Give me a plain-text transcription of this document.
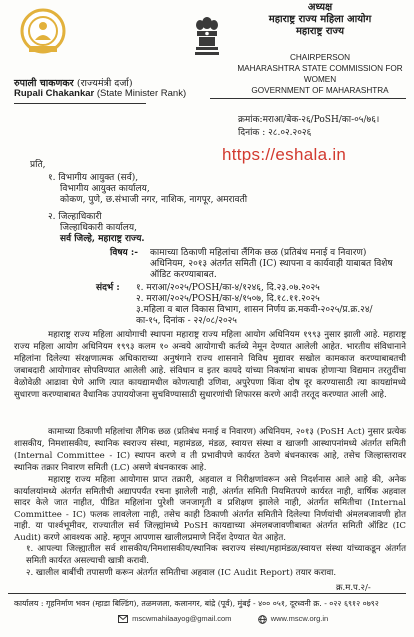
रुपाली चाकणकर (राज्यमंत्री दर्जा)
Rupali Chakankar (State Minister Rank)
अध्यक्ष
महाराष्ट्र राज्य महिला आयोग
महाराष्ट्र राज्य
CHAIRPERSON
MAHARASHTRA STATE COMMISSION FOR WOMEN
GOVERNMENT OF MAHARASHTRA
क्रमांक:मराआ/बेक-२६/PoSH/का-०५/७६।
दिनांक : २८.०२.२०२६
https://eshala.in
प्रति,
१. विभागीय आयुक्त (सर्व),
विभागीय आयुक्त कार्यालय,
कोकण, पुणे, छ.संभाजी नगर, नाशिक, नागपूर, अमरावती
२. जिल्हाधिकारी
जिल्हाधिकारी कार्यालय,
सर्व जिल्हे, महाराष्ट्र राज्य.
विषय :- कामाच्या ठिकाणी महिलांचा लैंगिक छळ (प्रतिबंध मनाई व निवारण)
अधिनियम, २०१३ अंतर्गत समिती (IC) स्थापना व कार्यवाही याबाबत विशेष
ऑडिट करण्याबाबत.
संदर्भ : १. मराआ/२०२५/POSH/का-४/१२४६, दि.२३.०७.२०२५
२. मराआ/२०२५/POSH/का-४/१५०७, दि.१८.११.२०२५
३.महिला व बाल विकास विभाग, शासन निर्णय क्र.मकवी-२०२५/प्र.क्र.२४/
का-१५, दिनांक - २२/०८/२०२५
महाराष्ट्र राज्य महिला आयोगाची स्थापना महाराष्ट्र राज्य महिला आयोग अधिनियम १९९३ नुसार झाली आहे. महाराष्ट्र राज्य महिला आयोग अधिनियम १९९३ कलम १० अन्वये आयोगाची कर्तव्ये नेमून देण्यात आलेली आहेत. भारतीय संविधानाने महिलांना दिलेल्या संरक्षणात्मक अधिकाराच्या अनुषंगाने राज्य शासनाने विविध मुद्यावर सखोल कामकाज करण्याबाबतची जबाबदारी आयोगावर सोपविण्यात आलेली आहे. संविधान व इतर कायदे यांच्या निकषांना बाधक होणाऱ्या विद्यमान तरतुदींचा वेळोवेळी आढावा घेणे आणि त्यात कायद्यामधील कोणत्याही उणिवा, अपुरेपणा किंवा दोष दूर करण्यासाठी त्या कायद्यांमध्ये सुधारणा करण्याबाबत वैधानिक उपाययोजना सुचविण्यासाठी सुधारणांची शिफारस करणे आदी तरतूद करण्यात आली आहे.
कामाच्या ठिकाणी महिलांचा लैंगिक छळ (प्रतिबंध मनाई व निवारण) अधिनियम, २०१३ (PoSH Act) नुसार प्रत्येक शासकीय, निमशासकीय, स्थानिक स्वराज्य संस्था, महामंडळ, मंडळ, स्वायत्त संस्था व खाजगी आस्थापनांमध्ये अंतर्गत समिती (Internal Committee - IC) स्थापन करणे व ती प्रभावीपणे कार्यरत ठेवणे बंधनकारक आहे, तसेच जिल्हास्तरावर स्थानिक तक्रार निवारण समिती (LC) असणे बंधनकारक आहे.
महाराष्ट्र राज्य महिला आयोगास प्राप्त तक्रारी, अहवाल व निरीक्षणांवरून असे निदर्शनास आले आहे की, अनेक कार्यालयांमध्ये अंतर्गत समितीची अद्यापपर्यंत रचना झालेली नाही, अंतर्गत समिती नियमितपणे कार्यरत नाही, वार्षिक अहवाल सादर केले जात नाहीत, पीडित महिलांना पुरेशी जनजागृती व प्रशिक्षण झालेले नाही, अंतर्गत समितीचा (Internal Committee - IC) फलक लावलेला नाही, तसेच काही ठिकाणी अंतर्गत समितीने दिलेल्या निर्णयांची अंमलबजावणी होत नाही. या पार्श्वभूमीवर, राज्यातील सर्व जिल्ह्यांमध्ये PoSH कायद्याच्या अंमलबजावणीबाबत अंतर्गत समिती ऑडिट (IC Audit) करणे आवश्यक आहे. म्हणून आपणास खालीलप्रमाणे निर्देश देण्यात येत आहेत.
१. आपल्या जिल्ह्यातील सर्व शासकीय/निमशासकीय/स्थानिक स्वराज्य संस्था/महामंडळ/स्वायत्त संस्था यांच्याकडून अंतर्गत समिती कार्यरत असल्याची खात्री करावी.
२. खालील बाबींची तपासणी करून अंतर्गत समितीचा अहवाल (IC Audit Report) तयार करावा.
क्र.म.प.२/-
कार्यालय : गृहनिर्माण भवन (म्हाडा बिल्डिंग), तळमजला, कलानगर, बांद्रे (पूर्व), मुंबई - ४०० ०५१, दूरध्वनी क्र. - ०२२ ६९१२ ०७९२
mscwmahilaayog@gmail.com	www.mscw.org.in
